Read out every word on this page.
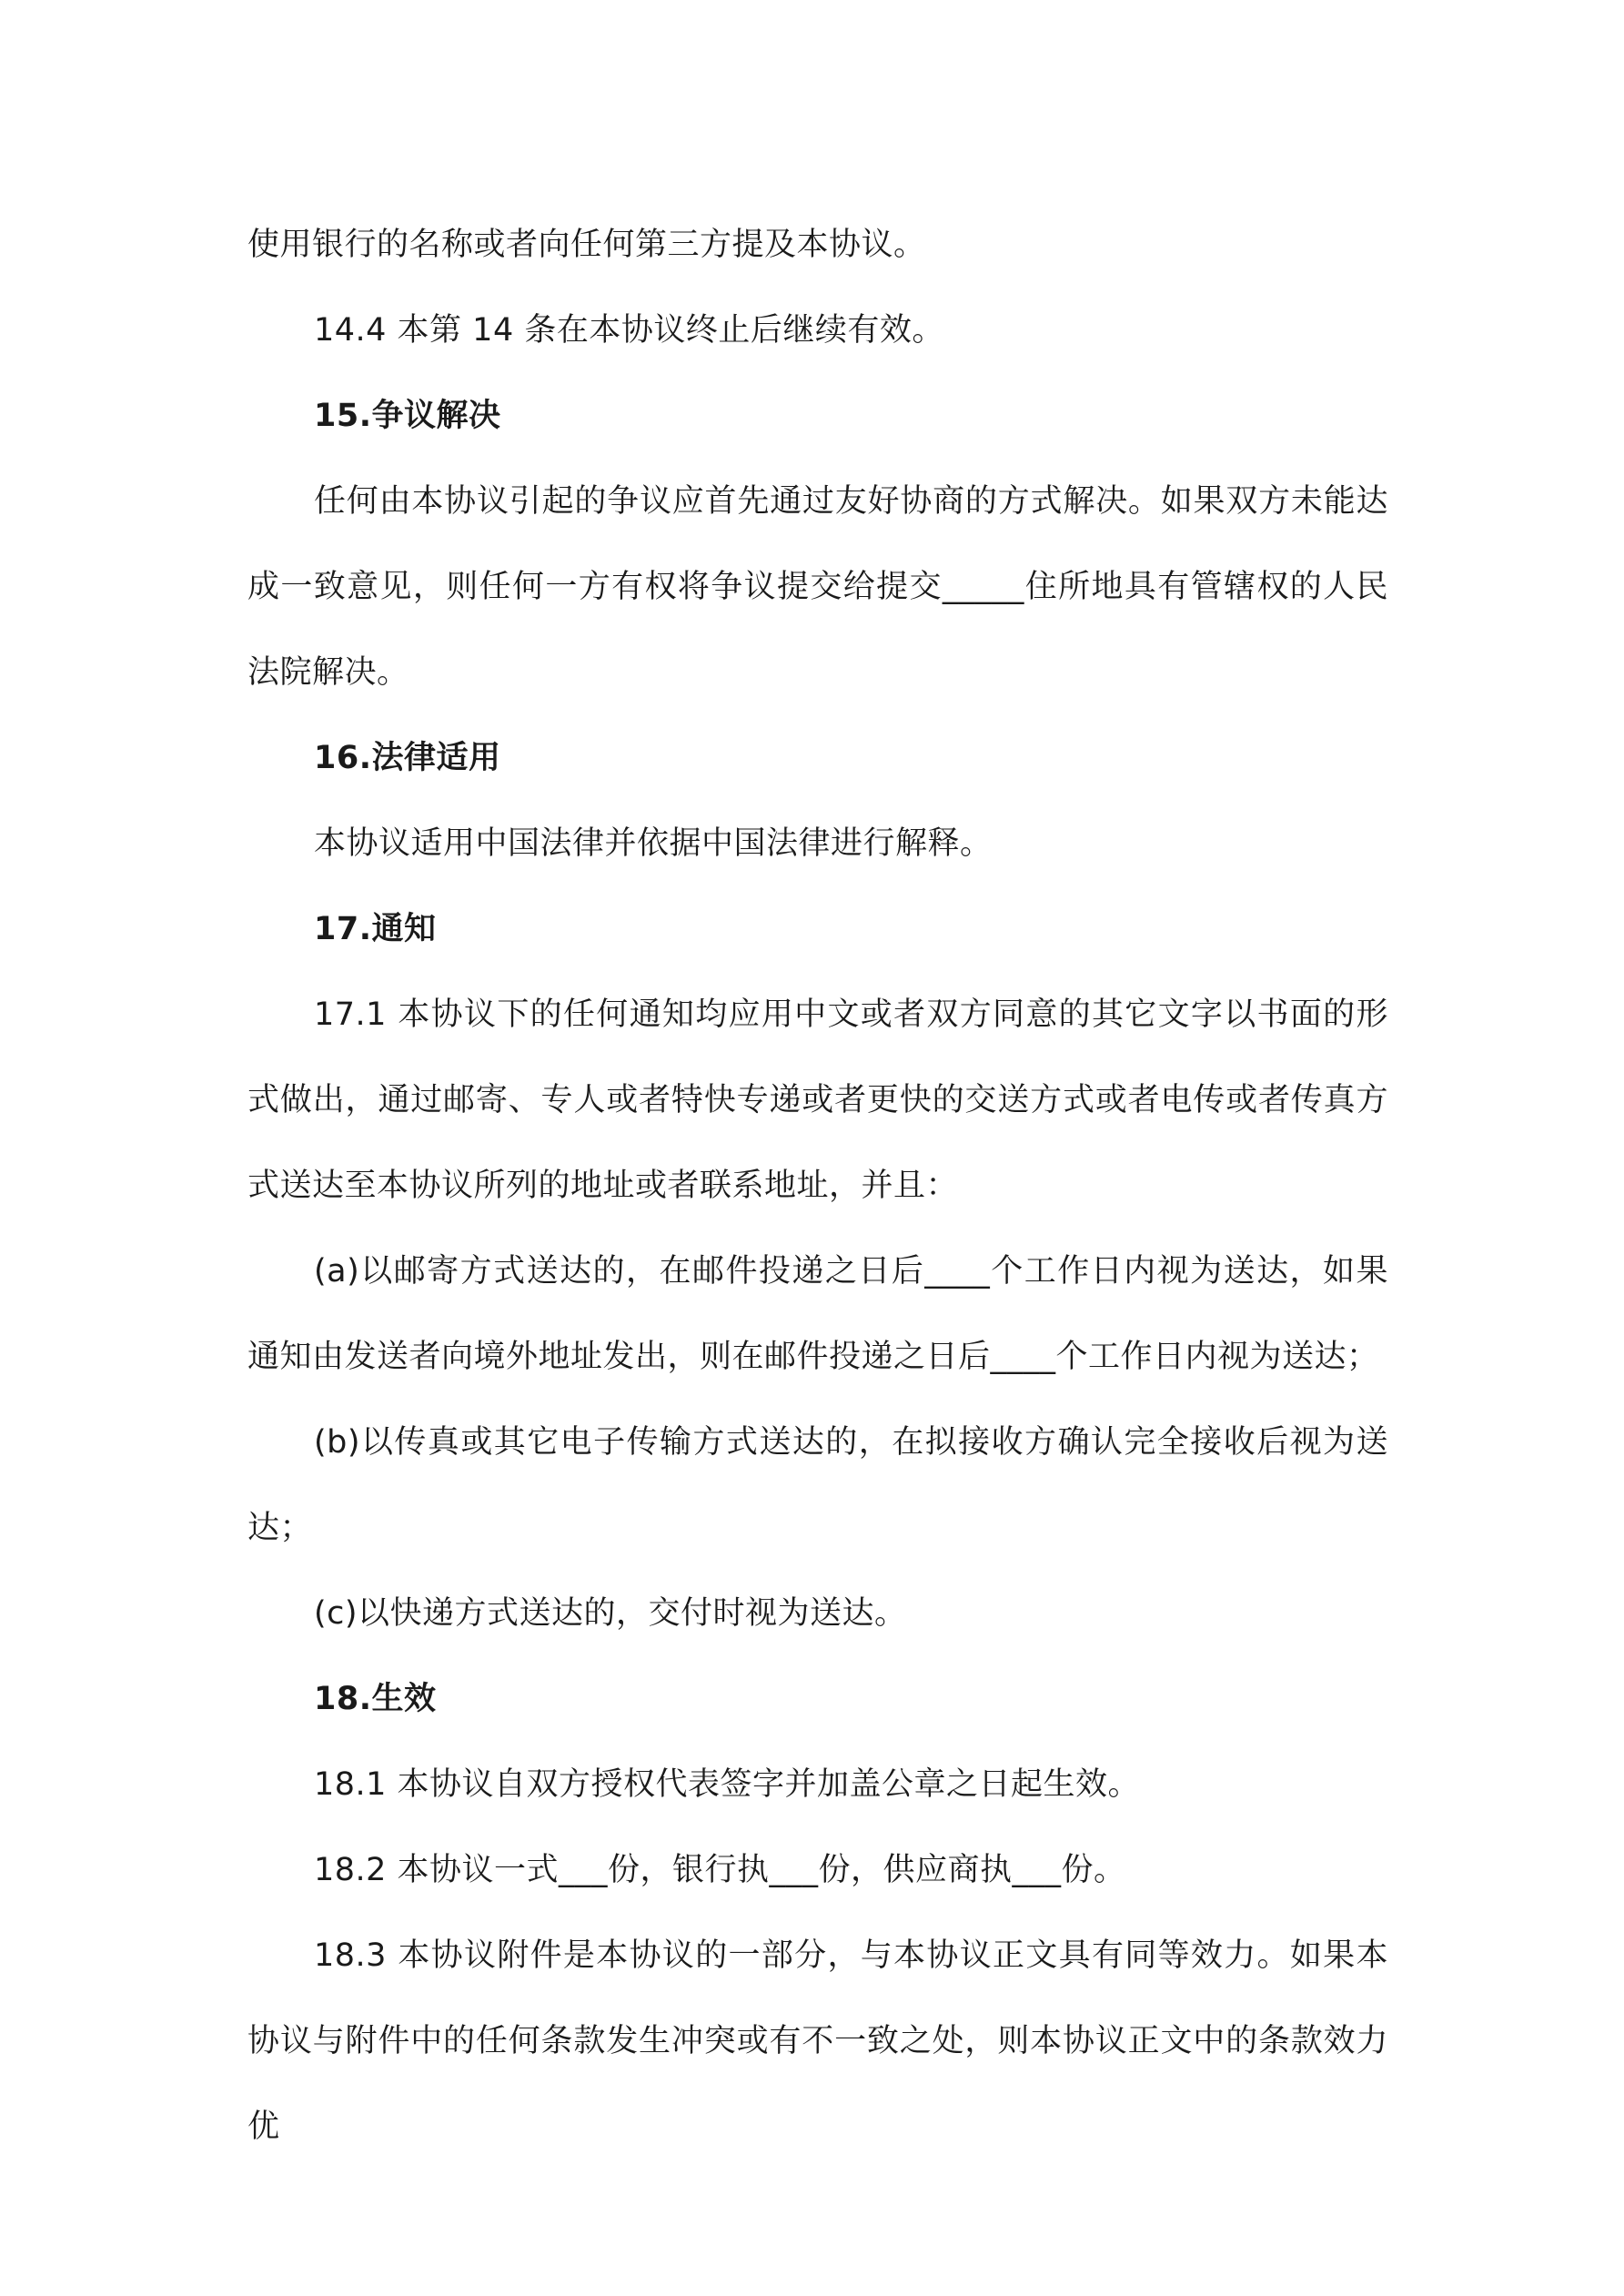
使用银行的名称或者向任何第三方提及本协议。

14.4 本第 14 条在本协议终止后继续有效。

15.争议解决

任何由本协议引起的争议应首先通过友好协商的方式解决。如果双方未能达成一致意见，则任何一方有权将争议提交给提交_____住所地具有管辖权的人民法院解决。

16.法律适用

本协议适用中国法律并依据中国法律进行解释。

17.通知

17.1 本协议下的任何通知均应用中文或者双方同意的其它文字以书面的形式做出，通过邮寄、专人或者特快专递或者更快的交送方式或者电传或者传真方式送达至本协议所列的地址或者联系地址，并且：

(a)以邮寄方式送达的，在邮件投递之日后____个工作日内视为送达，如果通知由发送者向境外地址发出，则在邮件投递之日后____个工作日内视为送达；

(b)以传真或其它电子传输方式送达的，在拟接收方确认完全接收后视为送达；

(c)以快递方式送达的，交付时视为送达。

18.生效

18.1 本协议自双方授权代表签字并加盖公章之日起生效。

18.2 本协议一式___份，银行执___份，供应商执___份。

18.3 本协议附件是本协议的一部分，与本协议正文具有同等效力。如果本协议与附件中的任何条款发生冲突或有不一致之处，则本协议正文中的条款效力优
